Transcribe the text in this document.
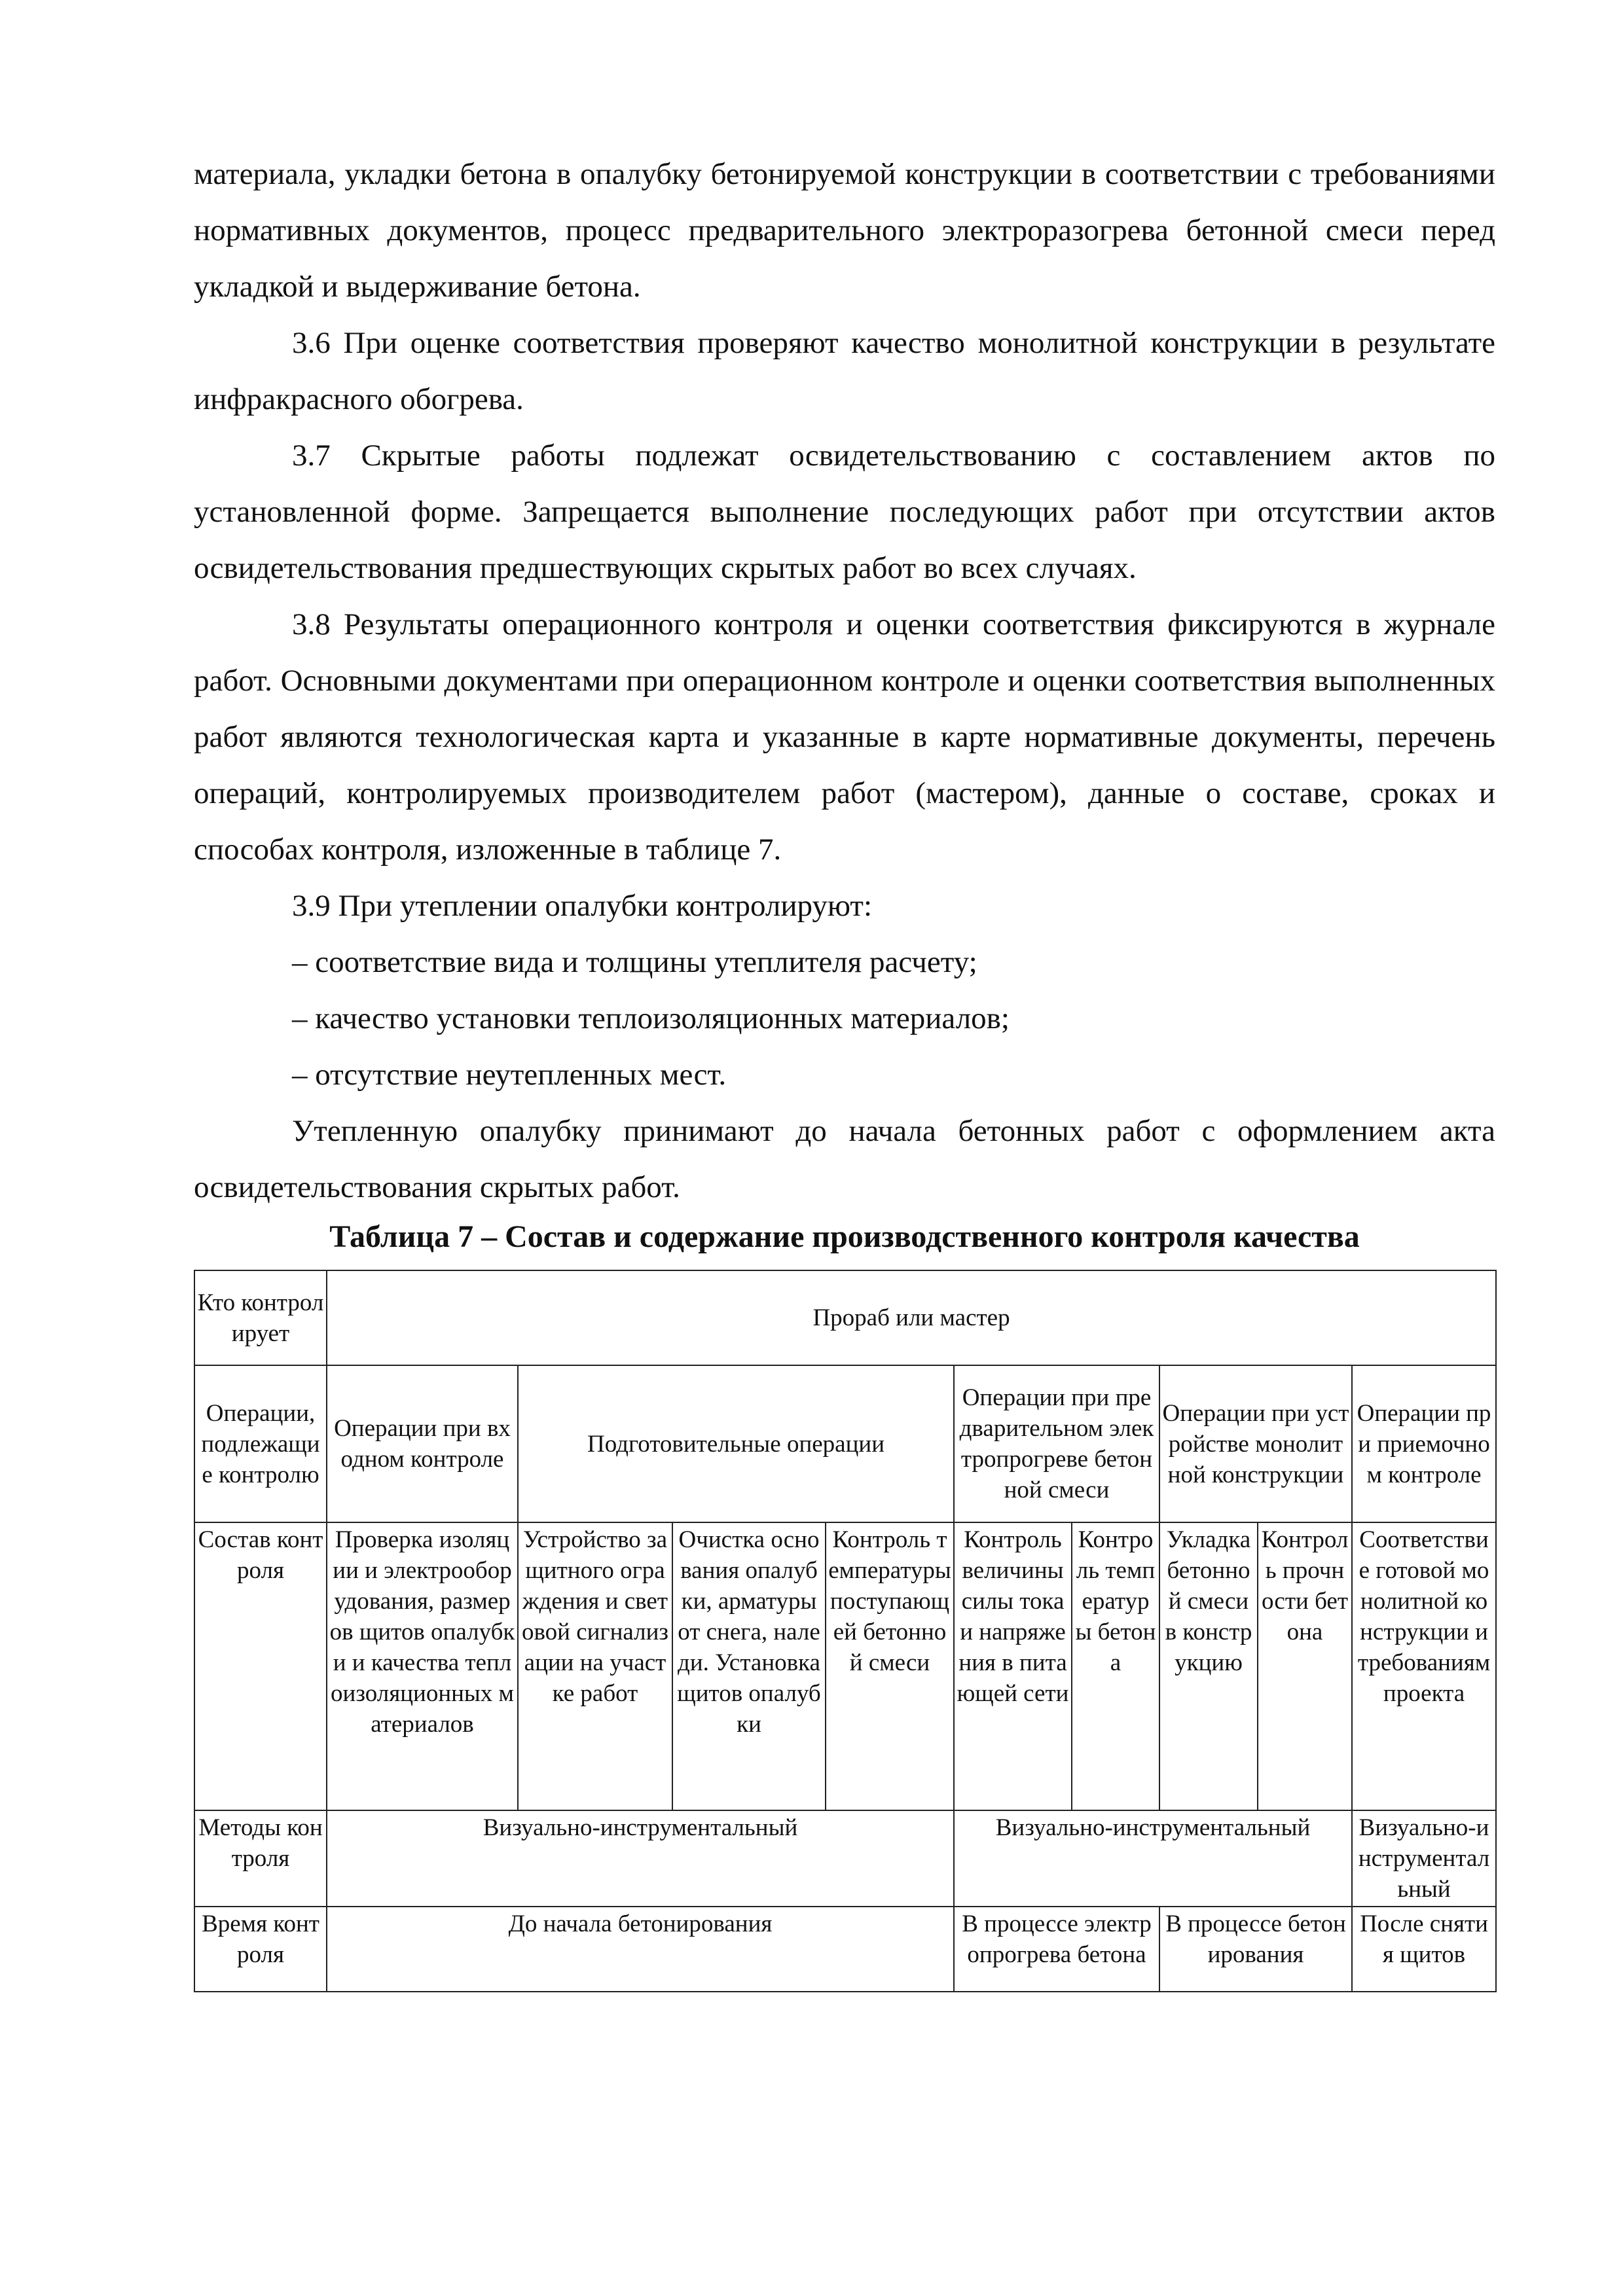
материала, укладки бетона в опалубку бетонируемой конструкции в соответствии с требованиями нормативных документов, процесс предварительного электроразогрева бетонной смеси перед укладкой и выдерживание бетона.

3.6 При оценке соответствия проверяют качество монолитной конструкции в результате инфракрасного обогрева.

3.7 Скрытые работы подлежат освидетельствованию с составлением актов по установленной форме. Запрещается выполнение последующих работ при отсутствии актов освидетельствования предшествующих скрытых работ во всех случаях.

3.8 Результаты операционного контроля и оценки соответствия фиксируются в журнале работ. Основными документами при операционном контроле и оценки соответствия выполненных работ являются технологическая карта и указанные в карте нормативные документы, перечень операций, контролируемых производителем работ (мастером), данные о составе, сроках и способах контроля, изложенные в таблице 7.

3.9 При утеплении опалубки контролируют:

– соответствие вида и толщины утеплителя расчету;

– качество установки теплоизоляционных материалов;

– отсутствие неутепленных мест.

Утепленную опалубку принимают до начала бетонных работ с оформлением акта освидетельствования скрытых работ.

Таблица 7 – Состав и содержание производственного контроля качества

Кто контролирует	Прораб или мастер								
Операции, подлежащие контролю	Операции при входном контроле	Подготовительные операции			Операции при предварительном электропрогреве бетонной смеси		Операции при устройстве монолитной конструкции		Операции при приемочном контроле
Состав контроля	Проверка изоляции и электрооборудования, размеров щитов опалубки и качества теплоизоляционных материалов	Устройство защитного ограждения и световой сигнализации на участке работ	Очистка основания опалубки, арматуры от снега, наледи. Установка щитов опалубки	Контроль температуры поступающей бетонной смеси	Контроль величины силы тока и напряжения в питающей сети	Контроль температуры бетона	Укладка бетонной смеси в конструкцию	Контроль прочности бетона	Соответствие готовой монолитной конструкции и требованиям проекта
Методы контроля	Визуально-инструментальный				Визуально-инструментальный				Визуально-инструментальный
Время контроля	До начала бетонирования				В процессе электропрогрева бетона		В процессе бетонирования		После снятия щитов
